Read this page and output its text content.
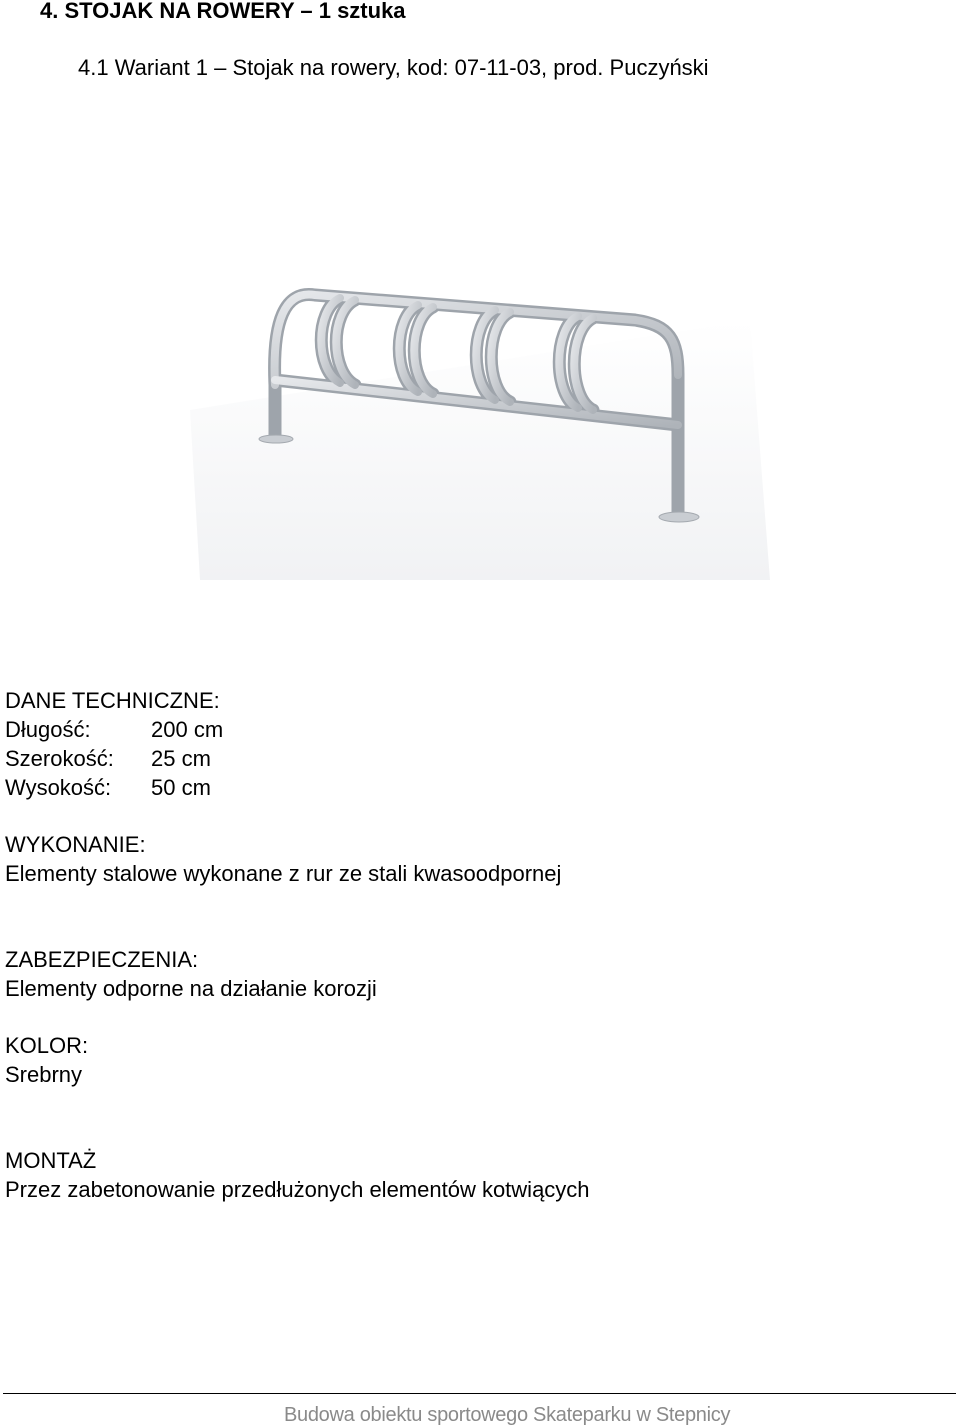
4. STOJAK NA ROWERY – 1 sztuka
4.1 Wariant 1 – Stojak na rowery, kod: 07-11-03, prod. Puczyński
DANE TECHNICZNE:
Długość:	200 cm
Szerokość: 25 cm
Wysokość: 50 cm
WYKONANIE:
Elementy stalowe wykonane z rur ze stali kwasoodpornej
ZABEZPIECZENIA:
Elementy odporne na działanie korozji
KOLOR:
Srebrny
MONTAŻ
Przez zabetonowanie przedłużonych elementów kotwiących
Budowa obiektu sportowego Skateparku w Stepnicy
